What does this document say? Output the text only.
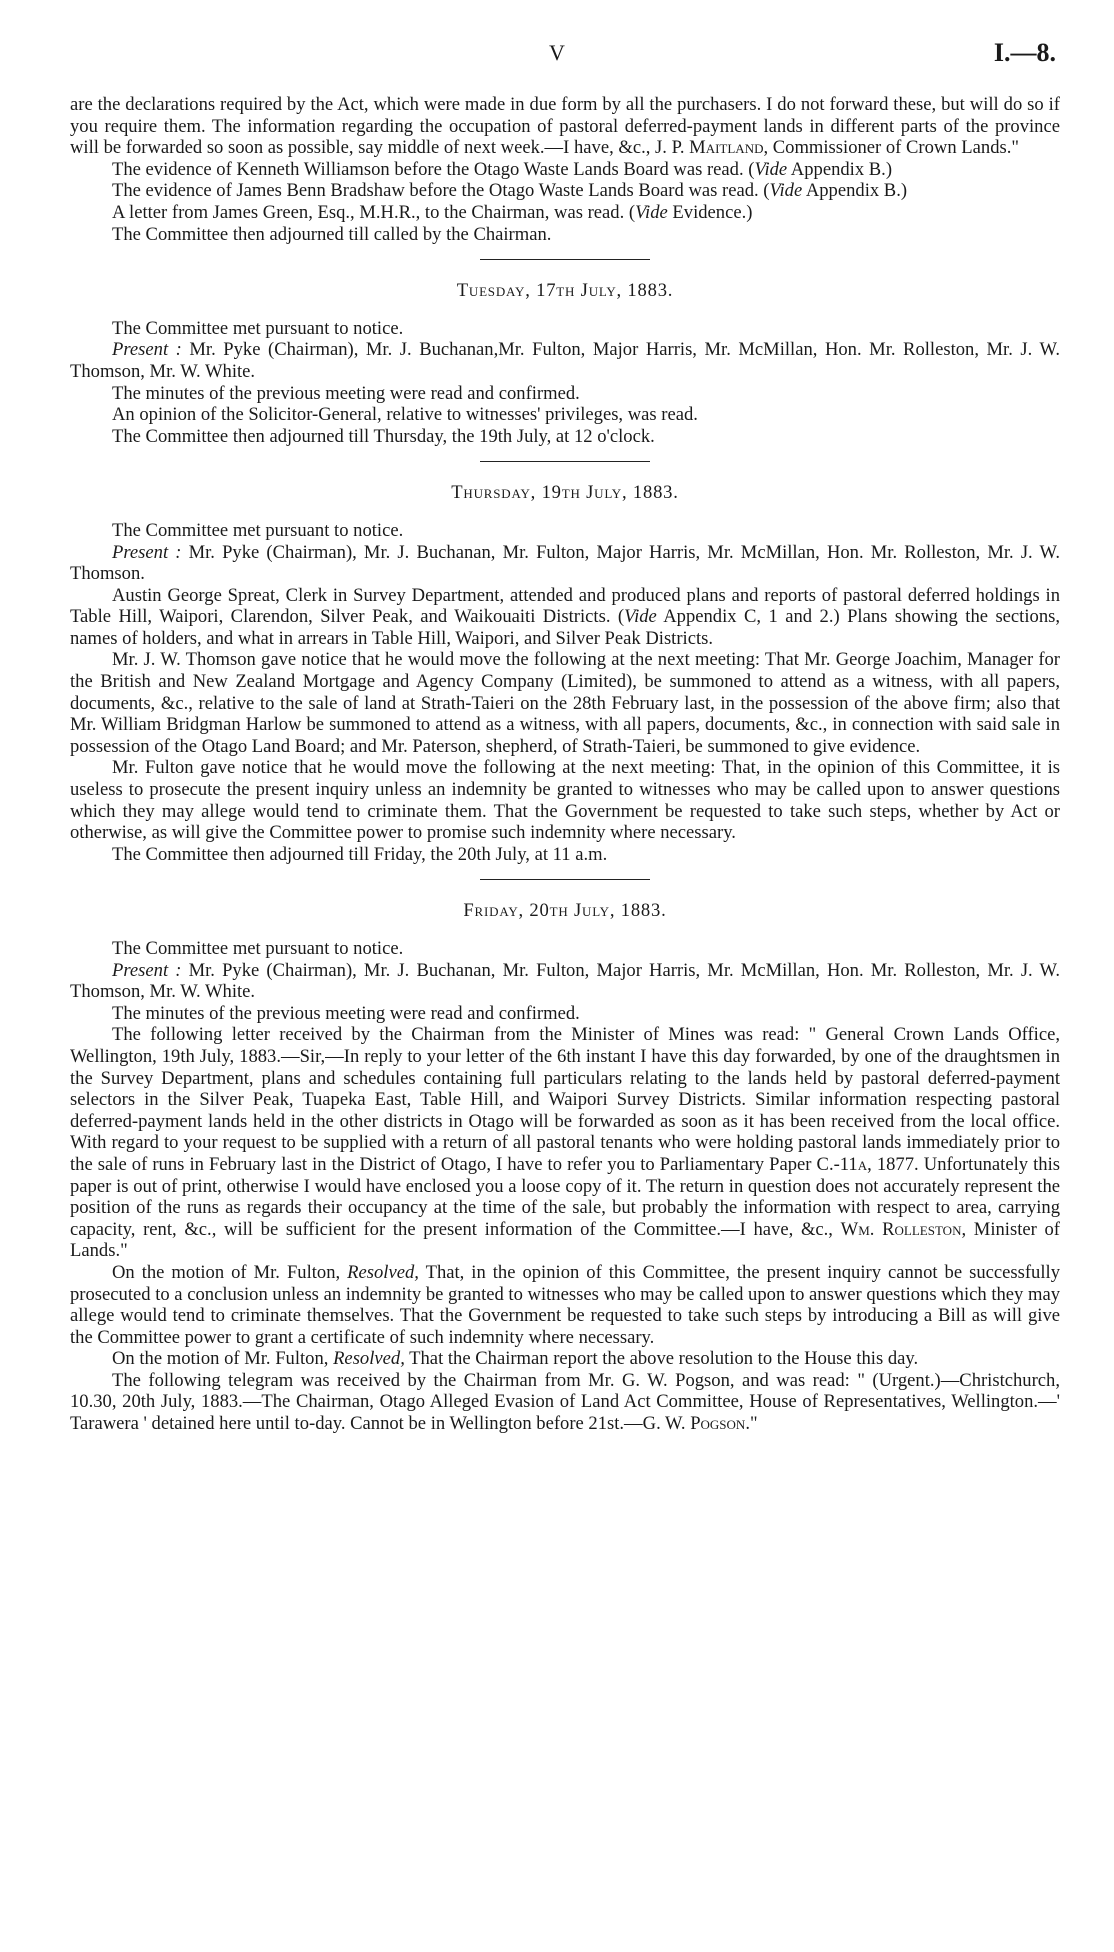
V	I.—8.

are the declarations required by the Act, which were made in due form by all the purchasers. I do not forward these, but will do so if you require them. The information regarding the occupation of pastoral deferred-payment lands in different parts of the province will be forwarded so soon as possible, say middle of next week.—I have, &c., J. P. Maitland, Commissioner of Crown Lands."

The evidence of Kenneth Williamson before the Otago Waste Lands Board was read. (Vide Appendix B.)

The evidence of James Benn Bradshaw before the Otago Waste Lands Board was read. (Vide Appendix B.)

A letter from James Green, Esq., M.H.R., to the Chairman, was read. (Vide Evidence.)

The Committee then adjourned till called by the Chairman.

Tuesday, 17th July, 1883.

The Committee met pursuant to notice.

Present : Mr. Pyke (Chairman), Mr. J. Buchanan,Mr. Fulton, Major Harris, Mr. McMillan, Hon. Mr. Rolleston, Mr. J. W. Thomson, Mr. W. White.

The minutes of the previous meeting were read and confirmed.

An opinion of the Solicitor-General, relative to witnesses' privileges, was read.

The Committee then adjourned till Thursday, the 19th July, at 12 o'clock.

Thursday, 19th July, 1883.

The Committee met pursuant to notice.

Present : Mr. Pyke (Chairman), Mr. J. Buchanan, Mr. Fulton, Major Harris, Mr. McMillan, Hon. Mr. Rolleston, Mr. J. W. Thomson.

Austin George Spreat, Clerk in Survey Department, attended and produced plans and reports of pastoral deferred holdings in Table Hill, Waipori, Clarendon, Silver Peak, and Waikouaiti Districts. (Vide Appendix C, 1 and 2.) Plans showing the sections, names of holders, and what in arrears in Table Hill, Waipori, and Silver Peak Districts.

Mr. J. W. Thomson gave notice that he would move the following at the next meeting: That Mr. George Joachim, Manager for the British and New Zealand Mortgage and Agency Company (Limited), be summoned to attend as a witness, with all papers, documents, &c., relative to the sale of land at Strath-Taieri on the 28th February last, in the possession of the above firm; also that Mr. William Bridgman Harlow be summoned to attend as a witness, with all papers, documents, &c., in connection with said sale in possession of the Otago Land Board; and Mr. Paterson, shepherd, of Strath-Taieri, be summoned to give evidence.

Mr. Fulton gave notice that he would move the following at the next meeting: That, in the opinion of this Committee, it is useless to prosecute the present inquiry unless an indemnity be granted to witnesses who may be called upon to answer questions which they may allege would tend to criminate them. That the Government be requested to take such steps, whether by Act or otherwise, as will give the Committee power to promise such indemnity where necessary.

The Committee then adjourned till Friday, the 20th July, at 11 a.m.

Friday, 20th July, 1883.

The Committee met pursuant to notice.

Present : Mr. Pyke (Chairman), Mr. J. Buchanan, Mr. Fulton, Major Harris, Mr. McMillan, Hon. Mr. Rolleston, Mr. J. W. Thomson, Mr. W. White.

The minutes of the previous meeting were read and confirmed.

The following letter received by the Chairman from the Minister of Mines was read: " General Crown Lands Office, Wellington, 19th July, 1883.—Sir,—In reply to your letter of the 6th instant I have this day forwarded, by one of the draughtsmen in the Survey Department, plans and schedules containing full particulars relating to the lands held by pastoral deferred-payment selectors in the Silver Peak, Tuapeka East, Table Hill, and Waipori Survey Districts. Similar information respecting pastoral deferred-payment lands held in the other districts in Otago will be forwarded as soon as it has been received from the local office. With regard to your request to be supplied with a return of all pastoral tenants who were holding pastoral lands immediately prior to the sale of runs in February last in the District of Otago, I have to refer you to Parliamentary Paper C.-11a, 1877. Unfortunately this paper is out of print, otherwise I would have enclosed you a loose copy of it. The return in question does not accurately represent the position of the runs as regards their occupancy at the time of the sale, but probably the information with respect to area, carrying capacity, rent, &c., will be sufficient for the present information of the Committee.—I have, &c., Wm. Rolleston, Minister of Lands."

On the motion of Mr. Fulton, Resolved, That, in the opinion of this Committee, the present inquiry cannot be successfully prosecuted to a conclusion unless an indemnity be granted to witnesses who may be called upon to answer questions which they may allege would tend to criminate themselves. That the Government be requested to take such steps by introducing a Bill as will give the Committee power to grant a certificate of such indemnity where necessary.

On the motion of Mr. Fulton, Resolved, That the Chairman report the above resolution to the House this day.

The following telegram was received by the Chairman from Mr. G. W. Pogson, and was read: " (Urgent.)—Christchurch, 10.30, 20th July, 1883.—The Chairman, Otago Alleged Evasion of Land Act Committee, House of Representatives, Wellington.—' Tarawera ' detained here until to-day. Cannot be in Wellington before 21st.—G. W. Pogson."
